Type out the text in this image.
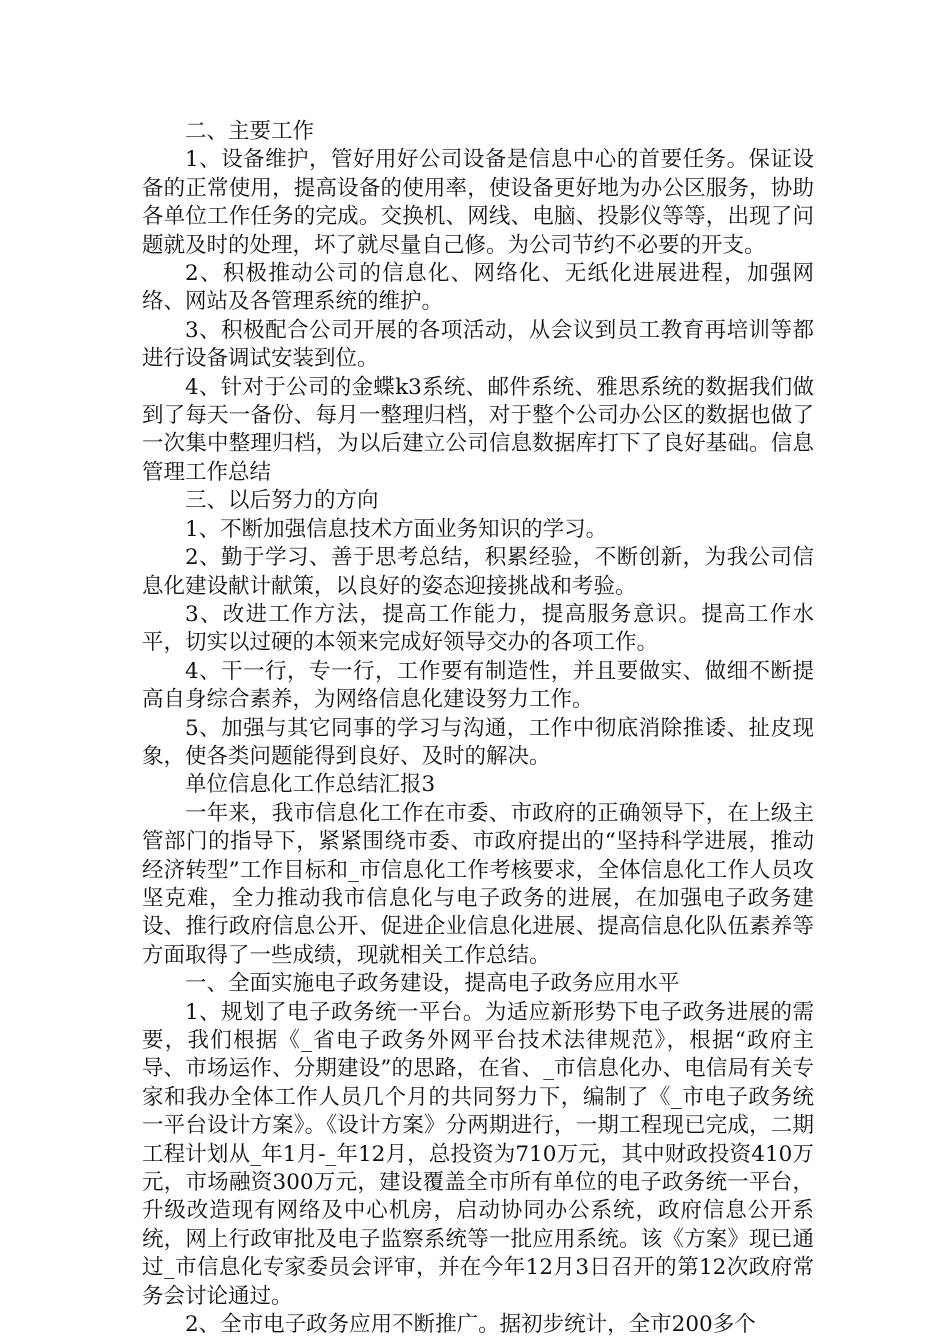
二、主要工作

1、设备维护，管好用好公司设备是信息中心的首要任务。保证设备的正常使用，提高设备的使用率，使设备更好地为办公区服务，协助各单位工作任务的完成。交换机、网线、电脑、投影仪等等，出现了问题就及时的处理，坏了就尽量自己修。为公司节约不必要的开支。

2、积极推动公司的信息化、网络化、无纸化进展进程，加强网络、网站及各管理系统的维护。

3、积极配合公司开展的各项活动，从会议到员工教育再培训等都进行设备调试安装到位。

4、针对于公司的金蝶k3系统、邮件系统、雅思系统的数据我们做到了每天一备份、每月一整理归档，对于整个公司办公区的数据也做了一次集中整理归档，为以后建立公司信息数据库打下了良好基础。信息管理工作总结

三、以后努力的方向

1、不断加强信息技术方面业务知识的学习。

2、勤于学习、善于思考总结，积累经验，不断创新，为我公司信息化建设献计献策，以良好的姿态迎接挑战和考验。

3、改进工作方法，提高工作能力，提高服务意识。提高工作水平，切实以过硬的本领来完成好领导交办的各项工作。

4、干一行，专一行，工作要有制造性，并且要做实、做细不断提高自身综合素养，为网络信息化建设努力工作。

5、加强与其它同事的学习与沟通，工作中彻底消除推诿、扯皮现象，使各类问题能得到良好、及时的解决。

单位信息化工作总结汇报3

一年来，我市信息化工作在市委、市政府的正确领导下，在上级主管部门的指导下，紧紧围绕市委、市政府提出的“坚持科学进展，推动经济转型”工作目标和_市信息化工作考核要求，全体信息化工作人员攻坚克难，全力推动我市信息化与电子政务的进展，在加强电子政务建设、推行政府信息公开、促进企业信息化进展、提高信息化队伍素养等方面取得了一些成绩，现就相关工作总结。

一、全面实施电子政务建设，提高电子政务应用水平

1、规划了电子政务统一平台。为适应新形势下电子政务进展的需要，我们根据《_省电子政务外网平台技术法律规范》，根据“政府主导、市场运作、分期建设”的思路，在省、_市信息化办、电信局有关专家和我办全体工作人员几个月的共同努力下，编制了《_市电子政务统一平台设计方案》。《设计方案》分两期进行，一期工程现已完成，二期工程计划从_年1月-_年12月，总投资为710万元，其中财政投资410万元，市场融资300万元，建设覆盖全市所有单位的电子政务统一平台，升级改造现有网络及中心机房，启动协同办公系统，政府信息公开系统，网上行政审批及电子监察系统等一批应用系统。该《方案》现已通过_市信息化专家委员会评审，并在今年12月3日召开的第12次政府常务会讨论通过。

2、全市电子政务应用不断推广。据初步统计，全市200多个
